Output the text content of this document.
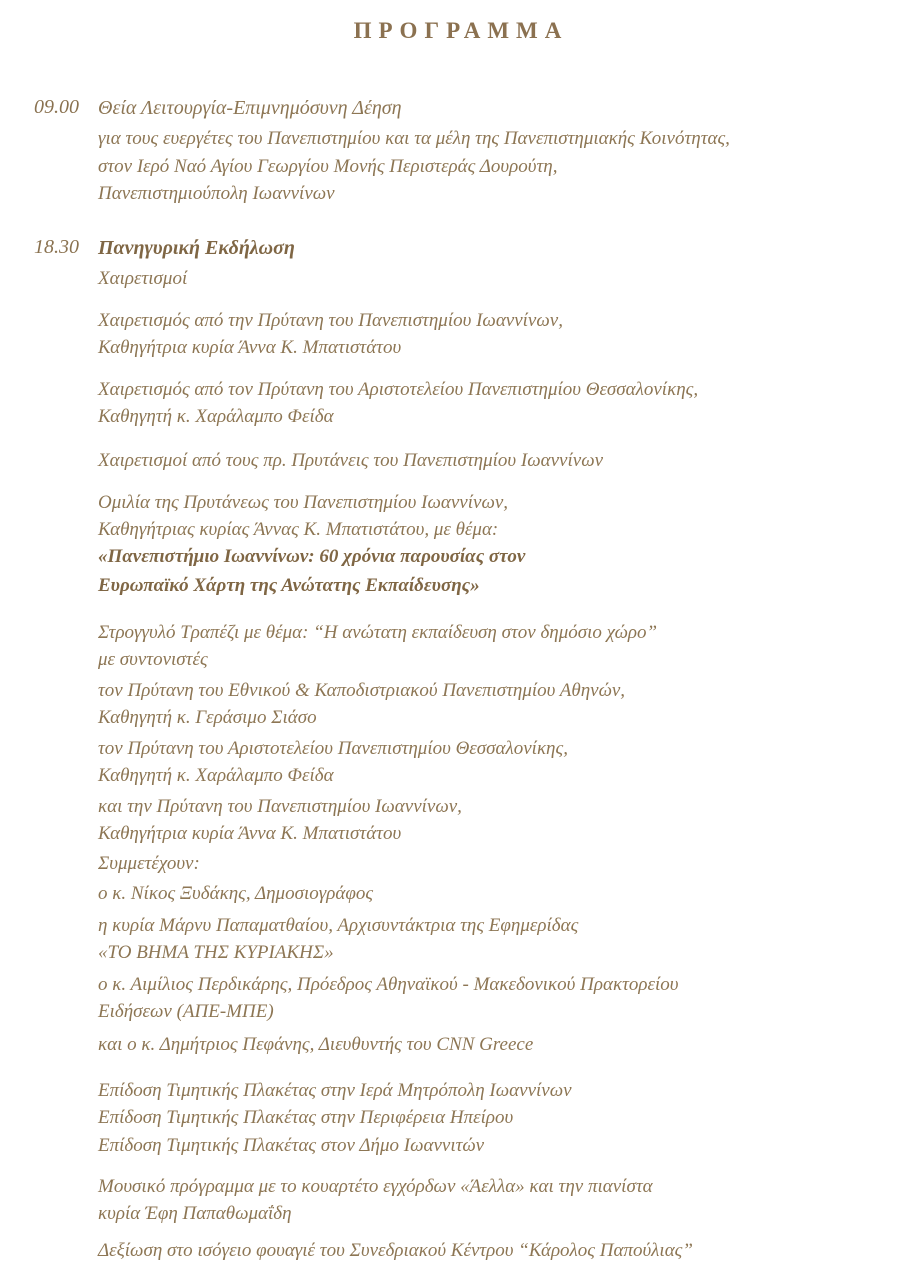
ΠΡΟΓΡΑΜΜΑ
09.00 Θεία Λειτουργία-Επιμνημόσυνη Δέηση
για τους ευεργέτες του Πανεπιστημίου και τα μέλη της Πανεπιστημιακής Κοινότητας,
στον Ιερό Ναό Αγίου Γεωργίου Μονής Περιστεράς Δουρούτη,
Πανεπιστημιούπολη Ιωαννίνων
18.30 Πανηγυρική Εκδήλωση
Χαιρετισμοί
Χαιρετισμός από την Πρύτανη του Πανεπιστημίου Ιωαννίνων,
Καθηγήτρια κυρία Άννα Κ. Μπατιστάτου
Χαιρετισμός από τον Πρύτανη του Αριστοτελείου Πανεπιστημίου Θεσσαλονίκης,
Καθηγητή κ. Χαράλαμπο Φείδα
Χαιρετισμοί από τους πρ. Πρυτάνεις του Πανεπιστημίου Ιωαννίνων
Ομιλία της Πρυτάνεως του Πανεπιστημίου Ιωαννίνων,
Καθηγήτριας κυρίας Άννας Κ. Μπατιστάτου, με θέμα:
«Πανεπιστήμιο Ιωαννίνων: 60 χρόνια παρουσίας στον
Ευρωπαϊκό Χάρτη της Ανώτατης Εκπαίδευσης»
Στρογγυλό Τραπέζι με θέμα: “Η ανώτατη εκπαίδευση στον δημόσιο χώρο”
με συντονιστές
τον Πρύτανη του Εθνικού & Καποδιστριακού Πανεπιστημίου Αθηνών,
Καθηγητή κ. Γεράσιμο Σιάσο
τον Πρύτανη του Αριστοτελείου Πανεπιστημίου Θεσσαλονίκης,
Καθηγητή κ. Χαράλαμπο Φείδα
και την Πρύτανη του Πανεπιστημίου Ιωαννίνων,
Καθηγήτρια κυρία Άννα Κ. Μπατιστάτου
Συμμετέχουν:
ο κ. Νίκος Ξυδάκης, Δημοσιογράφος
η κυρία Μάρνυ Παπαματθαίου, Αρχισυντάκτρια της Εφημερίδας
«ΤΟ ΒΗΜΑ ΤΗΣ ΚΥΡΙΑΚΗΣ»
ο κ. Αιμίλιος Περδικάρης, Πρόεδρος Αθηναϊκού - Μακεδονικού Πρακτορείου
Ειδήσεων (ΑΠΕ-ΜΠΕ)
και ο κ. Δημήτριος Πεφάνης, Διευθυντής του CNN Greece
Επίδοση Τιμητικής Πλακέτας στην Ιερά Μητρόπολη Ιωαννίνων
Επίδοση Τιμητικής Πλακέτας στην Περιφέρεια Ηπείρου
Επίδοση Τιμητικής Πλακέτας στον Δήμο Ιωαννιτών
Μουσικό πρόγραμμα με το κουαρτέτο εγχόρδων «Άελλα» και την πιανίστα
κυρία Έφη Παπαθωμαΐδη
Δεξίωση στο ισόγειο φουαγιέ του Συνεδριακού Κέντρου “Κάρολος Παπούλιας”
